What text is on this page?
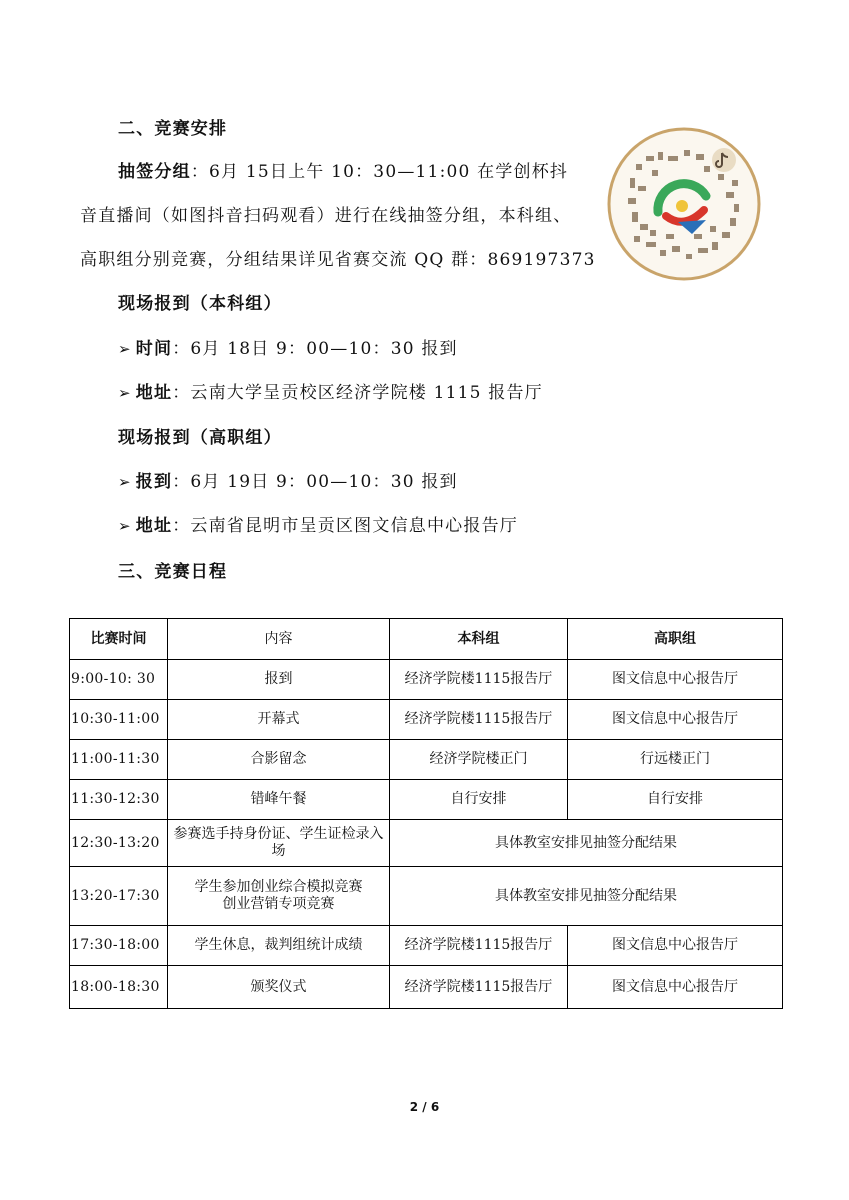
二、竞赛安排
抽签分组：6月 15日上午 10：30—11:00 在学创杯抖
音直播间（如图抖音扫码观看）进行在线抽签分组，本科组、
高职组分别竞赛，分组结果详见省赛交流 QQ 群：869197373
现场报到（本科组）
➢ 时间：6月 18日 9：00—10：30 报到
➢ 地址：云南大学呈贡校区经济学院楼 1115 报告厅
现场报到（高职组）
➢ 报到：6月 19日 9：00—10：30 报到
➢ 地址：云南省昆明市呈贡区图文信息中心报告厅
三、竞赛日程
比赛时间	内容	本科组	高职组
9:00-10: 30	报到	经济学院楼1115报告厅	图文信息中心报告厅
10:30-11:00	开幕式	经济学院楼1115报告厅	图文信息中心报告厅
11:00-11:30	合影留念	经济学院楼正门	行远楼正门
11:30-12:30	错峰午餐	自行安排	自行安排
12:30-13:20	参赛选手持身份证、学生证检录入场	具体教室安排见抽签分配结果	
13:20-17:30	学生参加创业综合模拟竞赛
创业营销专项竞赛	具体教室安排见抽签分配结果	
17:30-18:00	学生休息，裁判组统计成绩	经济学院楼1115报告厅	图文信息中心报告厅
18:00-18:30	颁奖仪式	经济学院楼1115报告厅	图文信息中心报告厅
2 / 6
